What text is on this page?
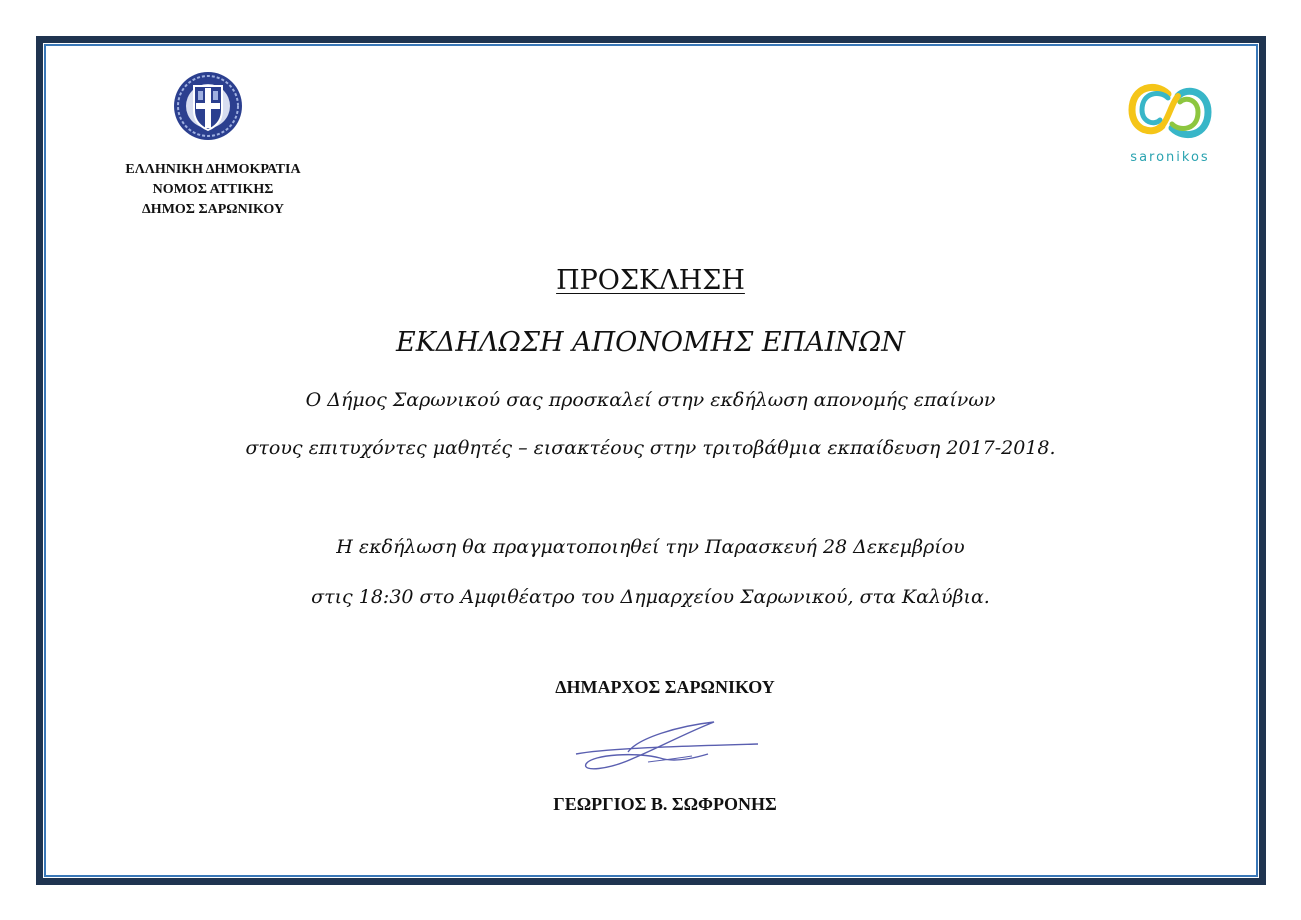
ΕΛΛΗΝΙΚΗ ΔΗΜΟΚΡΑΤΙΑ
ΝΟΜΟΣ ΑΤΤΙΚΗΣ
ΔΗΜΟΣ ΣΑΡΩΝΙΚΟΥ
saronikos
ΠΡΟΣΚΛΗΣΗ
ΕΚΔΗΛΩΣΗ ΑΠΟΝΟΜΗΣ ΕΠΑΙΝΩΝ
Ο Δήμος Σαρωνικού σας προσκαλεί στην εκδήλωση απονομής επαίνων
στους επιτυχόντες μαθητές – εισακτέους στην τριτοβάθμια εκπαίδευση 2017-2018.
Η εκδήλωση θα πραγματοποιηθεί την Παρασκευή 28 Δεκεμβρίου
στις 18:30 στο Αμφιθέατρο του Δημαρχείου Σαρωνικού, στα Καλύβια.
ΔΗΜΑΡΧΟΣ ΣΑΡΩΝΙΚΟΥ
ΓΕΩΡΓΙΟΣ Β. ΣΩΦΡΟΝΗΣ
